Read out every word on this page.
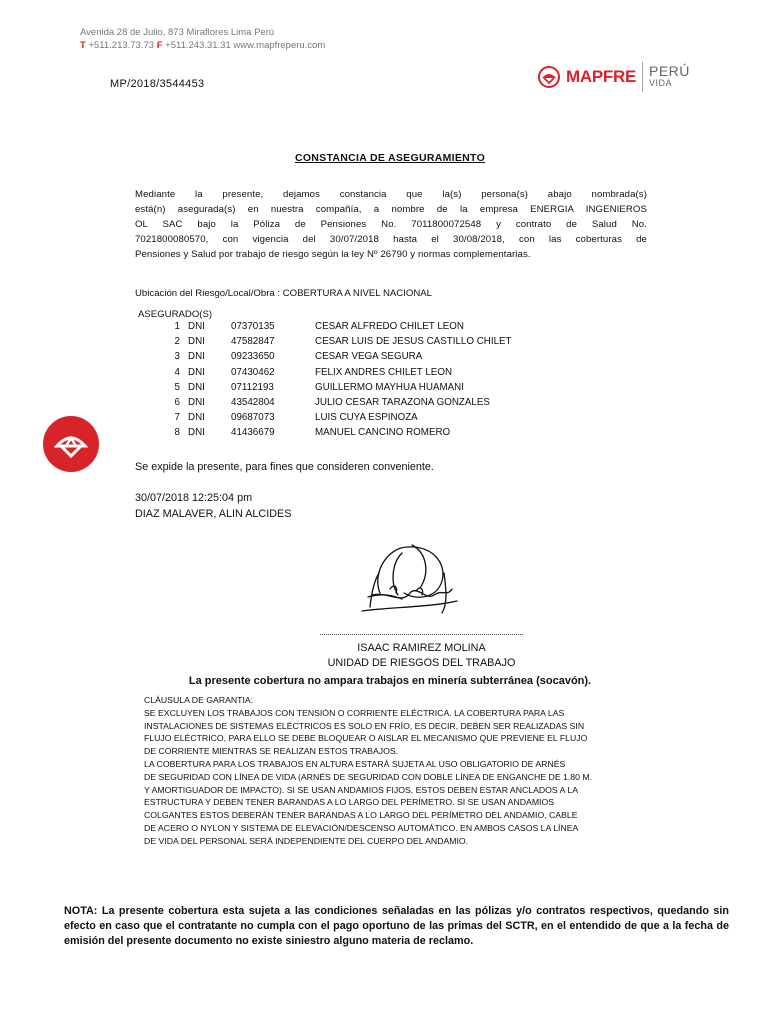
Avenida 28 de Julio, 873 Miraflores Lima Perú
T +511.213.73.73 F +511.243.31.31 www.mapfreperu.com
MP/2018/3544453	MAPFRE PERÚ
VIDA
CONSTANCIA DE ASEGURAMIENTO
Mediante la presente, dejamos constancia que la(s) persona(s) abajo nombrada(s)
está(n) asegurada(s) en nuestra compañía, a nombre de la empresa ENERGIA INGENIEROS
OL SAC bajo la Póliza de Pensiones No. 7011800072548 y contrato de Salud No.
7021800080570, con vigencia del 30/07/2018 hasta el 30/08/2018, con las coberturas de
Pensiones y Salud por trabajo de riesgo según la ley Nº 26790 y normas complementarias.
Ubicación del Riesgo/Local/Obra : COBERTURA A NIVEL NACIONAL
ASEGURADO(S)
1 DNI	07370135	CESAR ALFREDO CHILET LEON
2 DNI	47582847	CESAR LUIS DE JESUS CASTILLO CHILET
3 DNI	09233650	CESAR VEGA SEGURA
4 DNI	07430462	FELIX ANDRES CHILET LEON
5 DNI	07112193	GUILLERMO MAYHUA HUAMANI
6 DNI	43542804	JULIO CESAR TARAZONA GONZALES
7 DNI	09687073	LUIS CUYA ESPINOZA
8 DNI	41436679	MANUEL CANCINO ROMERO
Se expide la presente, para fines que consideren conveniente.
30/07/2018 12:25:04 pm
DIAZ MALAVER, ALIN ALCIDES
ISAAC RAMIREZ MOLINA
UNIDAD DE RIESGOS DEL TRABAJO
La presente cobertura no ampara trabajos en minería subterránea (socavón).
CLÁUSULA DE GARANTIA:
SE EXCLUYEN LOS TRABAJOS CON TENSIÓN O CORRIENTE ELÉCTRICA. LA COBERTURA PARA LAS
INSTALACIONES DE SISTEMAS ELÉCTRICOS ES SOLO EN FRÍO, ES DECIR, DEBEN SER REALIZADAS SIN
FLUJO ELÉCTRICO, PARA ELLO SE DEBE BLOQUEAR O AISLAR EL MECANISMO QUE PREVIENE EL FLUJO
DE CORRIENTE MIENTRAS SE REALIZAN ESTOS TRABAJOS.
LA COBERTURA PARA LOS TRABAJOS EN ALTURA ESTARÁ SUJETA AL USO OBLIGATORIO DE ARNÉS
DE SEGURIDAD CON LÍNEA DE VIDA (ARNÉS DE SEGURIDAD CON DOBLE LÍNEA DE ENGANCHE DE 1.80 M.
Y AMORTIGUADOR DE IMPACTO). SI SE USAN ANDAMIOS FIJOS, ESTOS DEBEN ESTAR ANCLADOS A LA
ESTRUCTURA Y DEBEN TENER BARANDAS A LO LARGO DEL PERÍMETRO. SI SE USAN ANDAMIOS
COLGANTES ESTOS DEBERÁN TENER BARANDAS A LO LARGO DEL PERÍMETRO DEL ANDAMIO, CABLE
DE ACERO O NYLON Y SISTEMA DE ELEVACIÓN/DESCENSO AUTOMÁTICO. EN AMBOS CASOS LA LÍNEA
DE VIDA DEL PERSONAL SERÁ INDEPENDIENTE DEL CUERPO DEL ANDAMIO.
NOTA: La presente cobertura esta sujeta a las condiciones señaladas en las pólizas y/o contratos respectivos, quedando sin efecto en caso que el contratante no cumpla con el pago oportuno de las primas del SCTR, en el entendido de que a la fecha de emisión del presente documento no existe siniestro alguno materia de reclamo.
